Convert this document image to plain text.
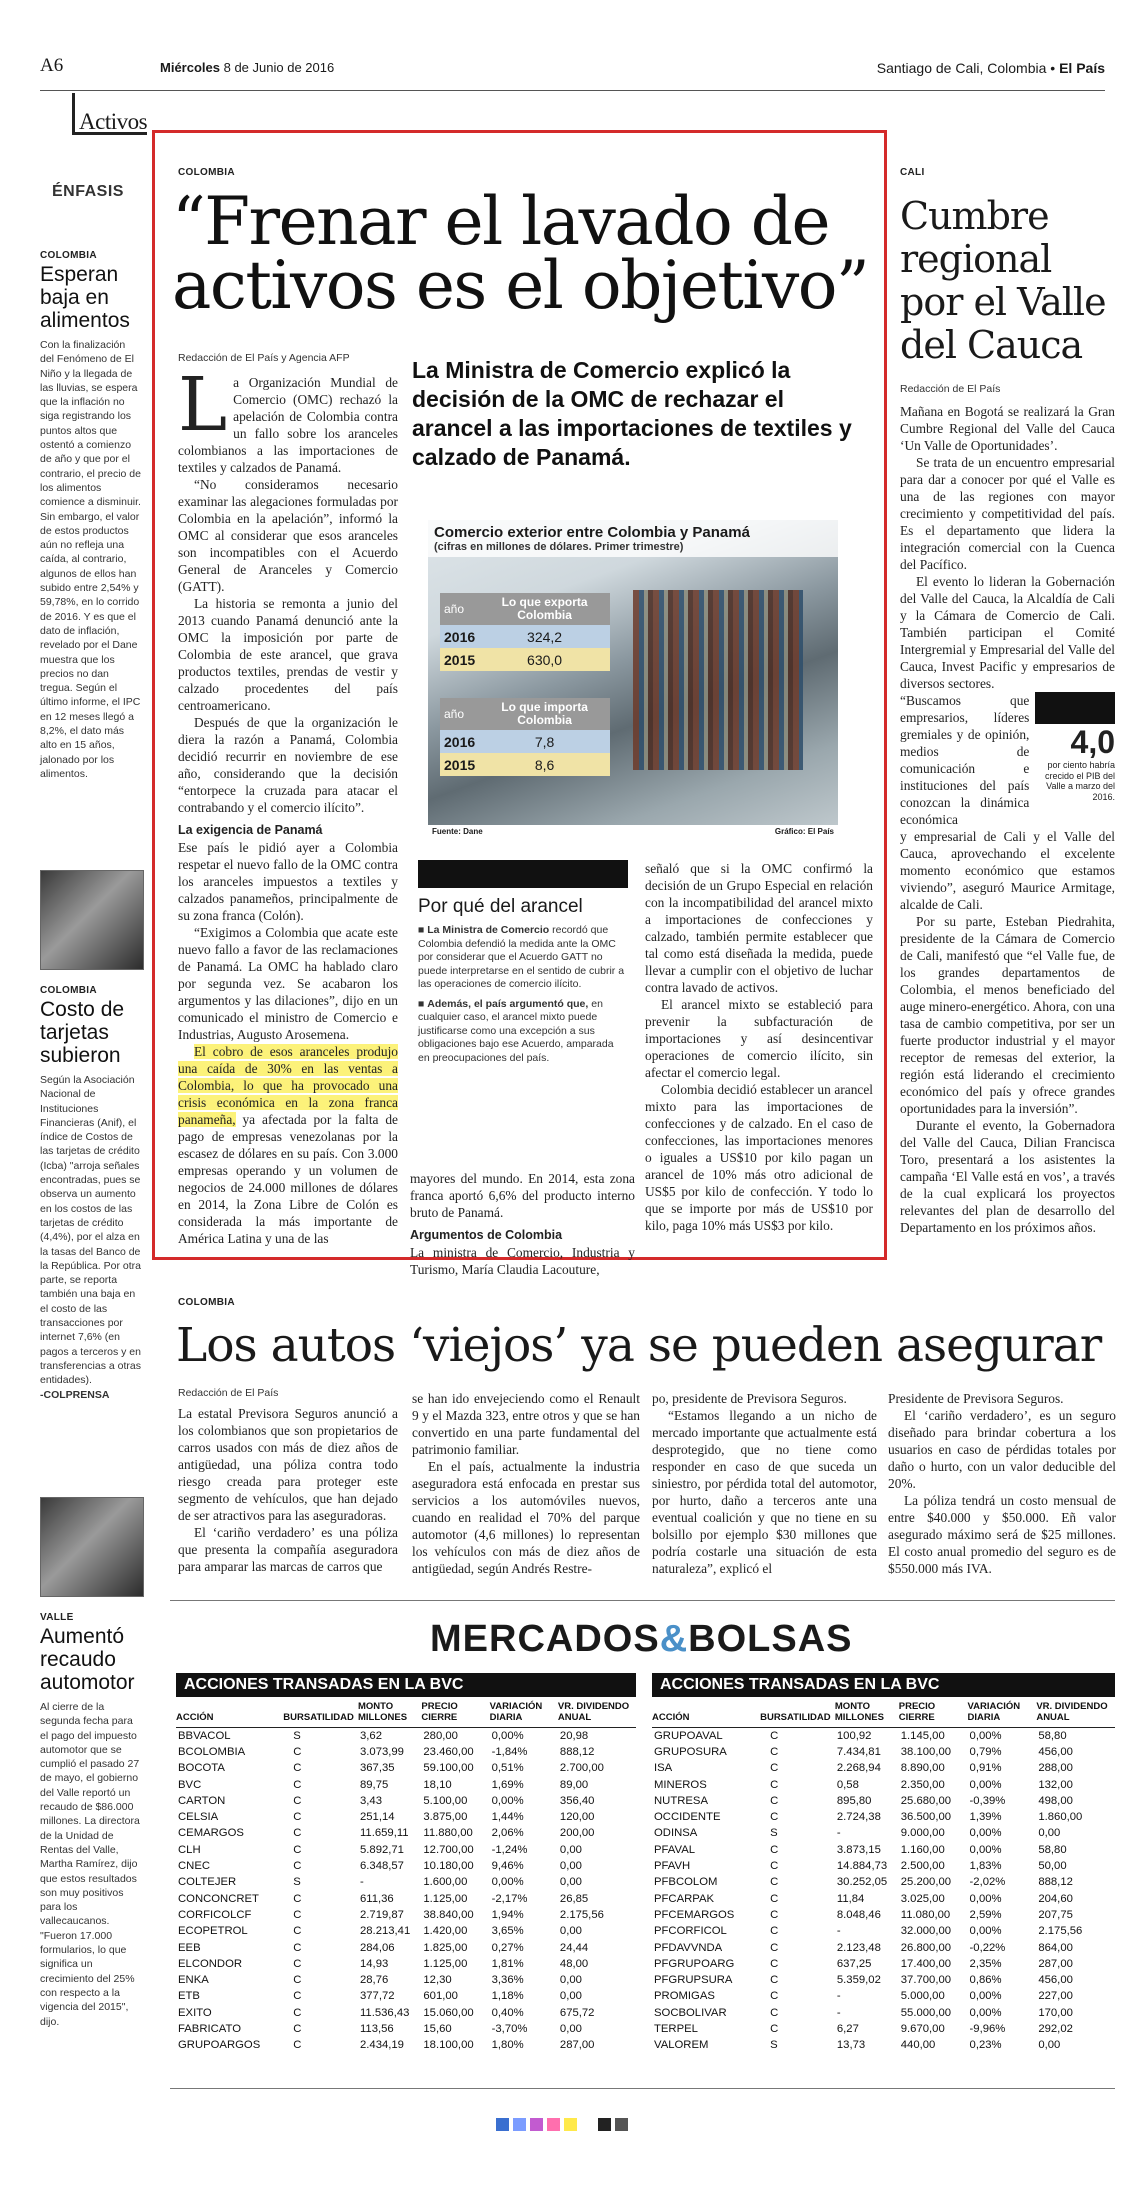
A6	Miércoles 8 de Junio de 2016	Santiago de Cali, Colombia • El País
Activos
ÉNFASIS
COLOMBIA
Esperan baja en alimentos
Con la finalización del Fenómeno de El Niño y la llegada de las lluvias, se espera que la inflación no siga registrando los puntos altos que ostentó a comienzo de año y que por el contrario, el precio de los alimentos comience a disminuir. Sin embargo, el valor de estos productos aún no refleja una caída, al contrario, algunos de ellos han subido entre 2,54% y 59,78%, en lo corrido de 2016. Y es que el dato de inflación, revelado por el Dane muestra que los precios no dan tregua. Según el último informe, el IPC en 12 meses llegó a 8,2%, el dato más alto en 15 años, jalonado por los alimentos.
COLOMBIA
Costo de tarjetas subieron
Según la Asociación Nacional de Instituciones Financieras (Anif), el índice de Costos de las tarjetas de crédito (Icba) "arroja señales encontradas, pues se observa un aumento en los costos de las tarjetas de crédito (4,4%), por el alza en la tasas del Banco de la República. Por otra parte, se reporta también una baja en el costo de las transacciones por internet 7,6% (en pagos a terceros y en transferencias a otras entidades).
-COLPRENSA
VALLE
Aumentó recaudo automotor
Al cierre de la segunda fecha para el pago del impuesto automotor que se cumplió el pasado 27 de mayo, el gobierno del Valle reportó un recaudo de $86.000 millones. La directora de la Unidad de Rentas del Valle, Martha Ramírez, dijo que estos resultados son muy positivos para los vallecaucanos. "Fueron 17.000 formularios, lo que significa un crecimiento del 25% con respecto a la vigencia del 2015", dijo.
COLOMBIA
“Frenar el lavado de
activos es el objetivo”
Redacción de El País y Agencia AFP	La Ministra de Comercio explicó la decisión de la OMC de rechazar el arancel a las importaciones de textiles y calzado de Panamá.
L a Organización Mundial de Comercio (OMC) rechazó la apelación de Colombia contra un fallo sobre los aranceles colombianos a las importaciones de textiles y calzados de Panamá.

“No consideramos necesario examinar las alegaciones formuladas por Colombia en la apelación”, informó la OMC al considerar que esos aranceles son incompatibles con el Acuerdo General de Aranceles y Comercio (GATT).

La historia se remonta a junio del 2013 cuando Panamá denunció ante la OMC la imposición por parte de Colombia de este arancel, que grava productos textiles, prendas de vestir y calzado procedentes del país centroamericano.

Después de que la organización le diera la razón a Panamá, Colombia decidió recurrir en noviembre de ese año, considerando que la decisión “entorpece la cruzada para atacar el contrabando y el comercio ilícito”.

La exigencia de Panamá

Ese país le pidió ayer a Colombia respetar el nuevo fallo de la OMC contra los aranceles impuestos a textiles y calzados panameños, principalmente de su zona franca (Colón).

“Exigimos a Colombia que acate este nuevo fallo a favor de las reclamaciones de Panamá. La OMC ha hablado claro por segunda vez. Se acabaron los argumentos y las dilaciones”, dijo en un comunicado el ministro de Comercio e Industrias, Augusto Arosemena.

El cobro de esos aranceles produjo una caída de 30% en las ventas a Colombia, lo que ha provocado una crisis económica en la zona franca panameña, ya afectada por la falta de pago de empresas venezolanas por la escasez de dólares en su país. Con 3.000 empresas operando y un volumen de negocios de 24.000 millones de dólares en 2014, la Zona Libre de Colón es considerada la más importante de América Latina y una de las

Comercio exterior entre Colombia y Panamá
(cifras en millones de dólares. Primer trimestre)
año	Lo que exporta Colombia
2016	324,2
2015	630,0
año	Lo que importa Colombia
2016	7,8
2015	8,6
Fuente: Dane	Gráfico: El País
Por qué del arancel

■ La Ministra de Comercio recordó que Colombia defendió la medida ante la OMC por considerar que el Acuerdo GATT no puede interpretarse en el sentido de cubrir a las operaciones de comercio ilícito.

■ Además, el país argumentó que, en cualquier caso, el arancel mixto puede justificarse como una excepción a sus obligaciones bajo ese Acuerdo, amparada en preocupaciones del país.

mayores del mundo. En 2014, esta zona franca aportó 6,6% del producto interno bruto de Panamá.

Argumentos de Colombia

La ministra de Comercio, Industria y Turismo, María Claudia Lacouture,

señaló que si la OMC confirmó la decisión de un Grupo Especial en relación con la incompatibilidad del arancel mixto a importaciones de confecciones y calzado, también permite establecer que tal como está diseñada la medida, puede llevar a cumplir con el objetivo de luchar contra lavado de activos.

El arancel mixto se estableció para prevenir la subfacturación de importaciones y así desincentivar operaciones de comercio ilícito, sin afectar el comercio legal.

Colombia decidió establecer un arancel mixto para las importaciones de confecciones y de calzado. En el caso de confecciones, las importaciones menores o iguales a US$10 por kilo pagan un arancel de 10% más otro adicional de US$5 por kilo de confección. Y todo lo que se importe por más de US$10 por kilo, paga 10% más US$3 por kilo.

CALI
Cumbre regional por el Valle del Cauca
Redacción de El País

Mañana en Bogotá se realizará la Gran Cumbre Regional del Valle del Cauca ‘Un Valle de Oportunidades’.

Se trata de un encuentro empresarial para dar a conocer por qué el Valle es una de las regiones con mayor crecimiento y competitividad del país. Es el departamento que lidera la integración comercial con la Cuenca del Pacífico.

El evento lo lideran la Gobernación del Valle del Cauca, la Alcaldía de Cali y la Cámara de Comercio de Cali. También participan el Comité Intergremial y Empresarial del Valle del Cauca, Invest Pacific y empresarios de diversos sectores.

“Buscamos que empresarios, líderes gremiales y de opinión, medios de comunicación e instituciones del país conozcan la dinámica económica

4,0
por ciento habría crecido el PIB del Valle a marzo del 2016.

y empresarial de Cali y el Valle del Cauca, aprovechando el excelente momento económico que estamos viviendo”, aseguró Maurice Armitage, alcalde de Cali.

Por su parte, Esteban Piedrahita, presidente de la Cámara de Comercio de Cali, manifestó que “el Valle fue, de los grandes departamentos de Colombia, el menos beneficiado del auge minero-energético. Ahora, con una tasa de cambio competitiva, por ser un fuerte productor industrial y el mayor receptor de remesas del exterior, la región está liderando el crecimiento económico del país y ofrece grandes oportunidades para la inversión”.

Durante el evento, la Gobernadora del Valle del Cauca, Dilian Francisca Toro, presentará a los asistentes la campaña ‘El Valle está en vos’, a través de la cual explicará los proyectos relevantes del plan de desarrollo del Departamento en los próximos años.

COLOMBIA
Los autos ‘viejos’ ya se pueden asegurar
Redacción de El País

La estatal Previsora Seguros anunció a los colombianos que son propietarios de carros usados con más de diez años de antigüedad, una póliza contra todo riesgo creada para proteger este segmento de vehículos, que han dejado de ser atractivos para las aseguradoras.

El ‘cariño verdadero’ es una póliza que presenta la compañía aseguradora para amparar las marcas de carros que

se han ido envejeciendo como el Renault 9 y el Mazda 323, entre otros y que se han convertido en una parte fundamental del patrimonio familiar.

En el país, actualmente la industria aseguradora está enfocada en prestar sus servicios a los automóviles nuevos, cuando en realidad el 70% del parque automotor (4,6 millones) lo representan los vehículos con más de diez años de antigüedad, según Andrés Restre-

po, presidente de Previsora Seguros.

“Estamos llegando a un nicho de mercado importante que actualmente está desprotegido, que no tiene como responder en caso de que suceda un siniestro, por pérdida total del automotor, por hurto, daño a terceros ante una eventual coalición y que no tiene en su bolsillo por ejemplo $30 millones que podría costarle una situación de esta naturaleza”, explicó el

Presidente de Previsora Seguros.

El ‘cariño verdadero’, es un seguro diseñado para brindar cobertura a los usuarios en caso de pérdidas totales por daño o hurto, con un valor deducible del 20%.

La póliza tendrá un costo mensual de entre $40.000 y $50.000. Eñ valor asegurado máximo será de $25 millones. El costo anual promedio del seguro es de $550.000 más IVA.

MERCADOS&BOLSAS
ACCIONES TRANSADAS EN LA BVC
ACCIÓN	BURSATILIDAD	MONTO MILLONES	PRECIO CIERRE	VARIACIÓN DIARIA	VR. DIVIDENDO ANUAL
BBVACOL	S	3,62	280,00	0,00%	20,98
BCOLOMBIA	C	3.073,99	23.460,00	-1,84%	888,12
BOCOTA	C	367,35	59.100,00	0,51%	2.700,00
BVC	C	89,75	18,10	1,69%	89,00
CARTON	C	3,43	5.100,00	0,00%	356,40
CELSIA	C	251,14	3.875,00	1,44%	120,00
CEMARGOS	C	11.659,11	11.880,00	2,06%	200,00
CLH	C	5.892,71	12.700,00	-1,24%	0,00
CNEC	C	6.348,57	10.180,00	9,46%	0,00
COLTEJER	S	-	1.600,00	0,00%	0,00
CONCONCRET	C	611,36	1.125,00	-2,17%	26,85
CORFICOLCF	C	2.719,87	38.840,00	1,94%	2.175,56
ECOPETROL	C	28.213,41	1.420,00	3,65%	0,00
EEB	C	284,06	1.825,00	0,27%	24,44
ELCONDOR	C	14,93	1.125,00	1,81%	48,00
ENKA	C	28,76	12,30	3,36%	0,00
ETB	C	377,72	601,00	1,18%	0,00
EXITO	C	11.536,43	15.060,00	0,40%	675,72
FABRICATO	C	113,56	15,60	-3,70%	0,00
GRUPOARGOS	C	2.434,19	18.100,00	1,80%	287,00
ACCIONES TRANSADAS EN LA BVC
ACCIÓN	BURSATILIDAD	MONTO MILLONES	PRECIO CIERRE	VARIACIÓN DIARIA	VR. DIVIDENDO ANUAL
GRUPOAVAL	C	100,92	1.145,00	0,00%	58,80
GRUPOSURA	C	7.434,81	38.100,00	0,79%	456,00
ISA	C	2.268,94	8.890,00	0,91%	288,00
MINEROS	C	0,58	2.350,00	0,00%	132,00
NUTRESA	C	895,80	25.680,00	-0,39%	498,00
OCCIDENTE	C	2.724,38	36.500,00	1,39%	1.860,00
ODINSA	S	-	9.000,00	0,00%	0,00
PFAVAL	C	3.873,15	1.160,00	0,00%	58,80
PFAVH	C	14.884,73	2.500,00	1,83%	50,00
PFBCOLOM	C	30.252,05	25.200,00	-2,02%	888,12
PFCARPAK	C	11,84	3.025,00	0,00%	204,60
PFCEMARGOS	C	8.048,46	11.080,00	2,59%	207,75
PFCORFICOL	C	-	32.000,00	0,00%	2.175,56
PFDAVVNDA	C	2.123,48	26.800,00	-0,22%	864,00
PFGRUPOARG	C	637,25	17.400,00	2,35%	287,00
PFGRUPSURA	C	5.359,02	37.700,00	0,86%	456,00
PROMIGAS	C	-	5.000,00	0,00%	227,00
SOCBOLIVAR	C	-	55.000,00	0,00%	170,00
TERPEL	C	6,27	9.670,00	-9,96%	292,02
VALOREM	S	13,73	440,00	0,23%	0,00
